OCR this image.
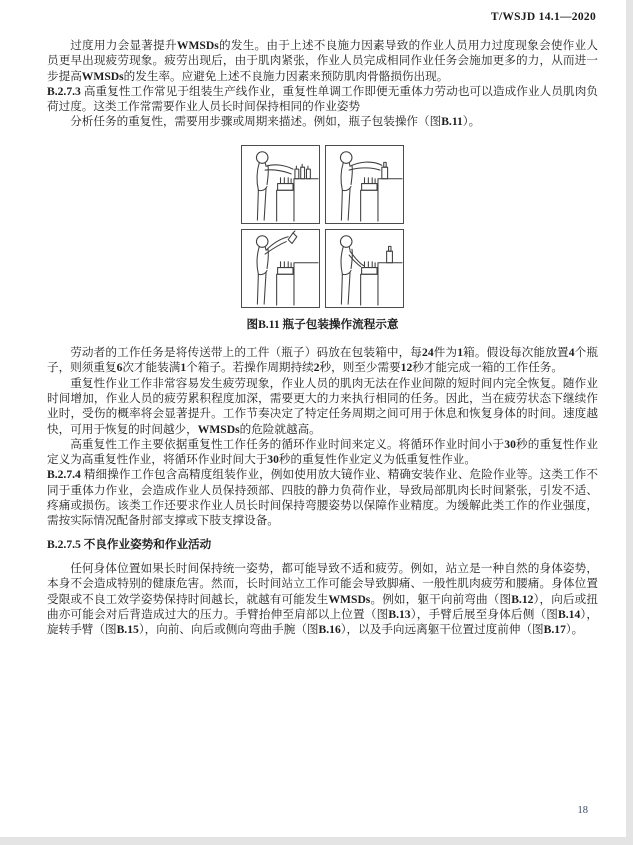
T/WSJD 14.1—2020

过度用力会显著提升WMSDs的发生。由于上述不良施力因素导致的作业人员用力过度现象会使作业人员更早出现疲劳现象。疲劳出现后，由于肌肉紧张，作业人员完成相同作业任务会施加更多的力，从而进一步提高WMSDs的发生率。应避免上述不良施力因素来预防肌肉骨骼损伤出现。

B.2.7.3 高重复性工作常见于组装生产线作业，重复性单调工作即便无重体力劳动也可以造成作业人员肌肉负荷过度。这类工作常需要作业人员长时间保持相同的作业姿势

分析任务的重复性，需要用步骤或周期来描述。例如，瓶子包装操作（图B.11）。

图B.11 瓶子包装操作流程示意

劳动者的工作任务是将传送带上的工件（瓶子）码放在包装箱中，每24件为1箱。假设每次能放置4个瓶子，则须重复6次才能装满1个箱子。若操作周期持续2秒，则至少需要12秒才能完成一箱的工作任务。

重复性作业工作非常容易发生疲劳现象，作业人员的肌肉无法在作业间隙的短时间内完全恢复。随作业时间增加，作业人员的疲劳累积程度加深，需要更大的力来执行相同的任务。因此，当在疲劳状态下继续作业时，受伤的概率将会显著提升。工作节奏决定了特定任务周期之间可用于休息和恢复身体的时间。速度越快，可用于恢复的时间越少，WMSDs的危险就越高。

高重复性工作主要依据重复性工作任务的循环作业时间来定义。将循环作业时间小于30秒的重复性作业定义为高重复性作业，将循环作业时间大于30秒的重复性作业定义为低重复性作业。

B.2.7.4 精细操作工作包含高精度组装作业，例如使用放大镜作业、精确安装作业、危险作业等。这类工作不同于重体力作业，会造成作业人员保持颈部、四肢的静力负荷作业，导致局部肌肉长时间紧张，引发不适、疼痛或损伤。该类工作还要求作业人员长时间保持弯腰姿势以保障作业精度。为缓解此类工作的作业强度，需按实际情况配备肘部支撑或下肢支撑设备。

B.2.7.5 不良作业姿势和作业活动

任何身体位置如果长时间保持统一姿势，都可能导致不适和疲劳。例如，站立是一种自然的身体姿势，本身不会造成特别的健康危害。然而，长时间站立工作可能会导致脚痛、一般性肌肉疲劳和腰痛。身体位置受限或不良工效学姿势保持时间越长，就越有可能发生WMSDs。例如，躯干向前弯曲（图B.12），向后或扭曲亦可能会对后背造成过大的压力。手臂抬伸至肩部以上位置（图B.13），手臂后展至身体后侧（图B.14），旋转手臂（图B.15），向前、向后或侧向弯曲手腕（图B.16），以及手向远离躯干位置过度前伸（图B.17）。

18
